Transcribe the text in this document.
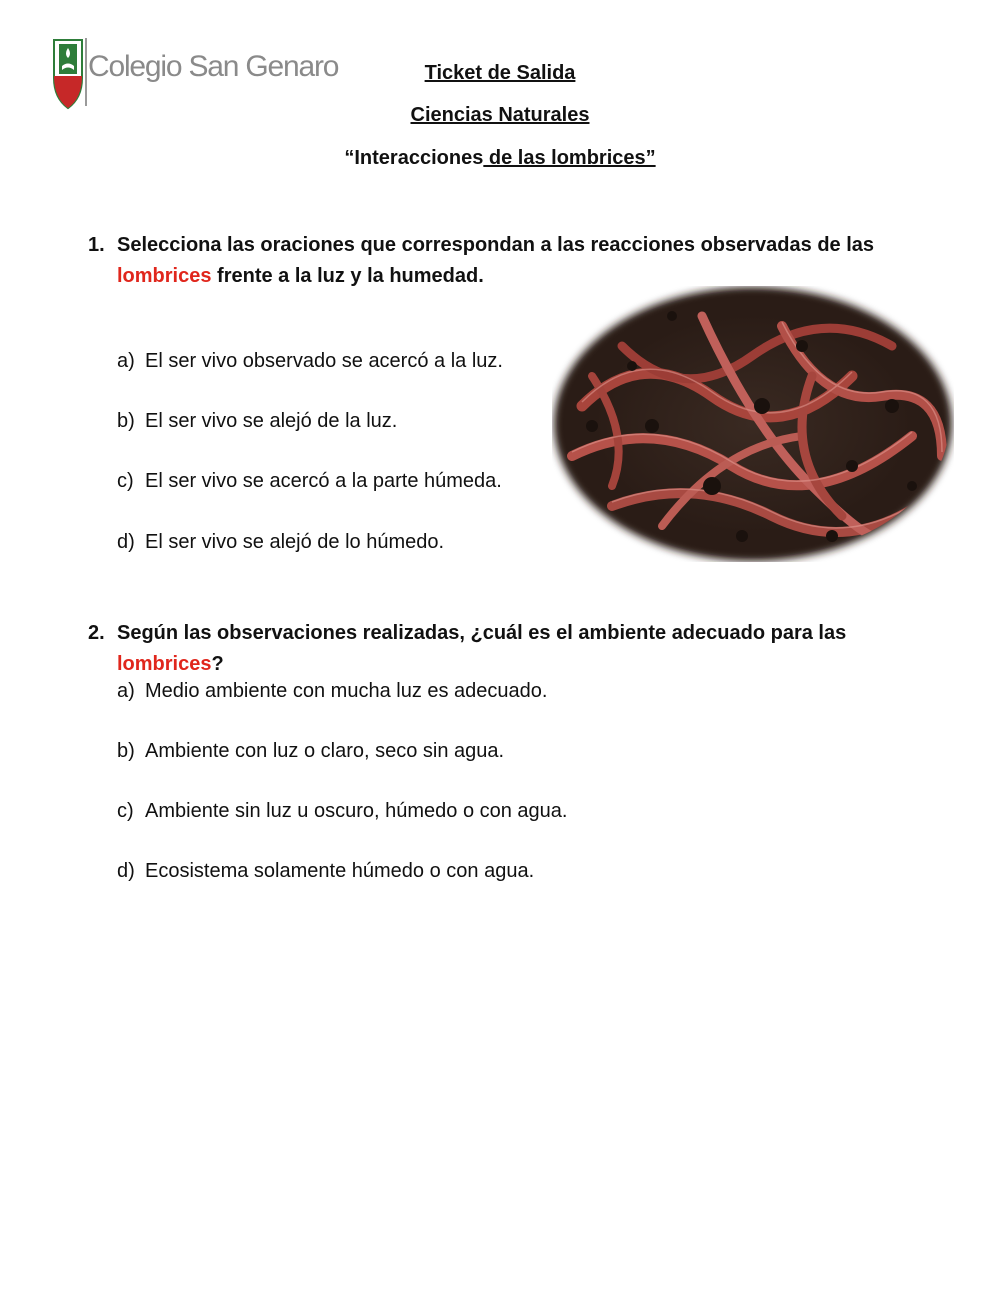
Colegio San Genaro	Ticket de Salida
Ciencias Naturales
“Interacciones de las lombrices”
1. Selecciona las oraciones que correspondan a las reacciones observadas de las lombrices frente a la luz y la humedad.
a) El ser vivo observado se acercó a la luz.
b) El ser vivo se alejó de la luz.
c) El ser vivo se acercó a la parte húmeda.
d) El ser vivo se alejó de lo húmedo.
2. Según las observaciones realizadas, ¿cuál es el ambiente adecuado para las lombrices?
a) Medio ambiente con mucha luz es adecuado.
b) Ambiente con luz o claro, seco sin agua.
c) Ambiente sin luz u oscuro, húmedo o con agua.
d) Ecosistema solamente húmedo o con agua.
